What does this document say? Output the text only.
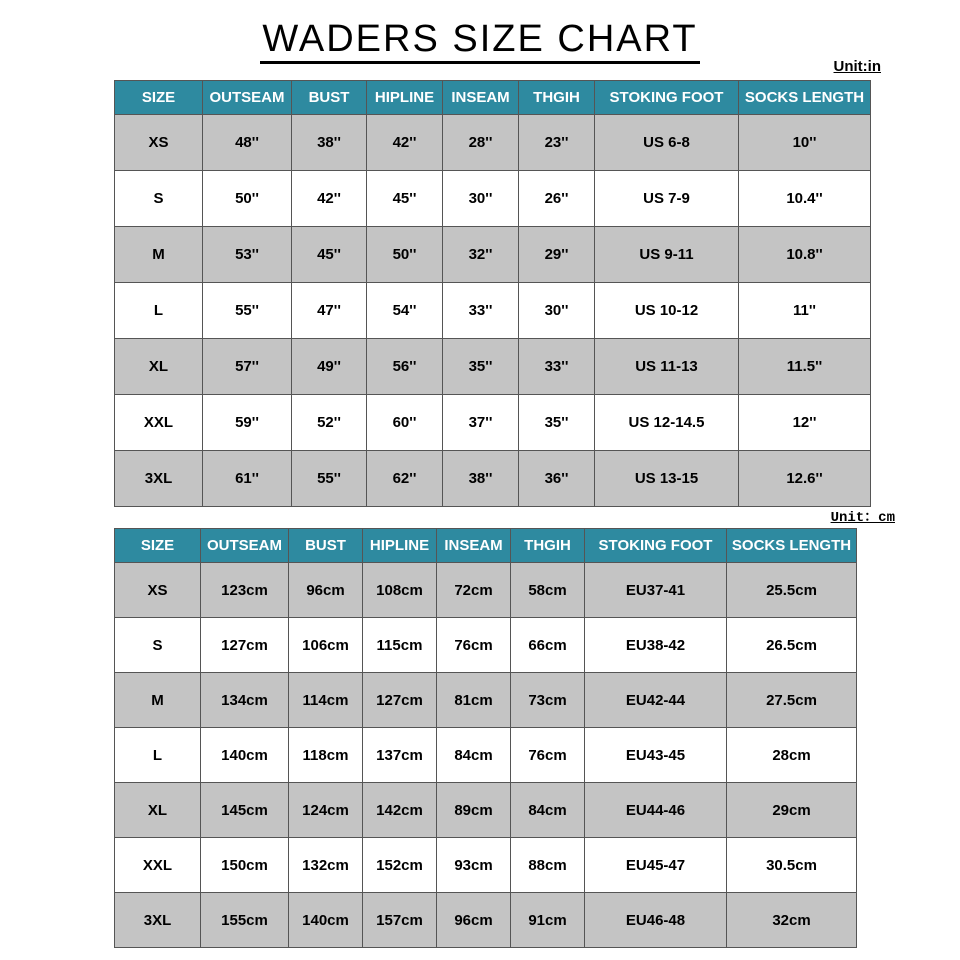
WADERS SIZE CHART
Unit:in
SIZE	OUTSEAM	BUST	HIPLINE	INSEAM	THGIH	STOKING FOOT	SOCKS LENGTH
XS	48''	38''	42''	28''	23''	US 6-8	10''
S	50''	42''	45''	30''	26''	US 7-9	10.4''
M	53''	45''	50''	32''	29''	US 9-11	10.8''
L	55''	47''	54''	33''	30''	US 10-12	11''
XL	57''	49''	56''	35''	33''	US 11-13	11.5''
XXL	59''	52''	60''	37''	35''	US 12-14.5	12''
3XL	61''	55''	62''	38''	36''	US 13-15	12.6''
Unit：cm
SIZE	OUTSEAM	BUST	HIPLINE	INSEAM	THGIH	STOKING FOOT	SOCKS LENGTH
XS	123cm	96cm	108cm	72cm	58cm	EU37-41	25.5cm
S	127cm	106cm	115cm	76cm	66cm	EU38-42	26.5cm
M	134cm	114cm	127cm	81cm	73cm	EU42-44	27.5cm
L	140cm	118cm	137cm	84cm	76cm	EU43-45	28cm
XL	145cm	124cm	142cm	89cm	84cm	EU44-46	29cm
XXL	150cm	132cm	152cm	93cm	88cm	EU45-47	30.5cm
3XL	155cm	140cm	157cm	96cm	91cm	EU46-48	32cm
